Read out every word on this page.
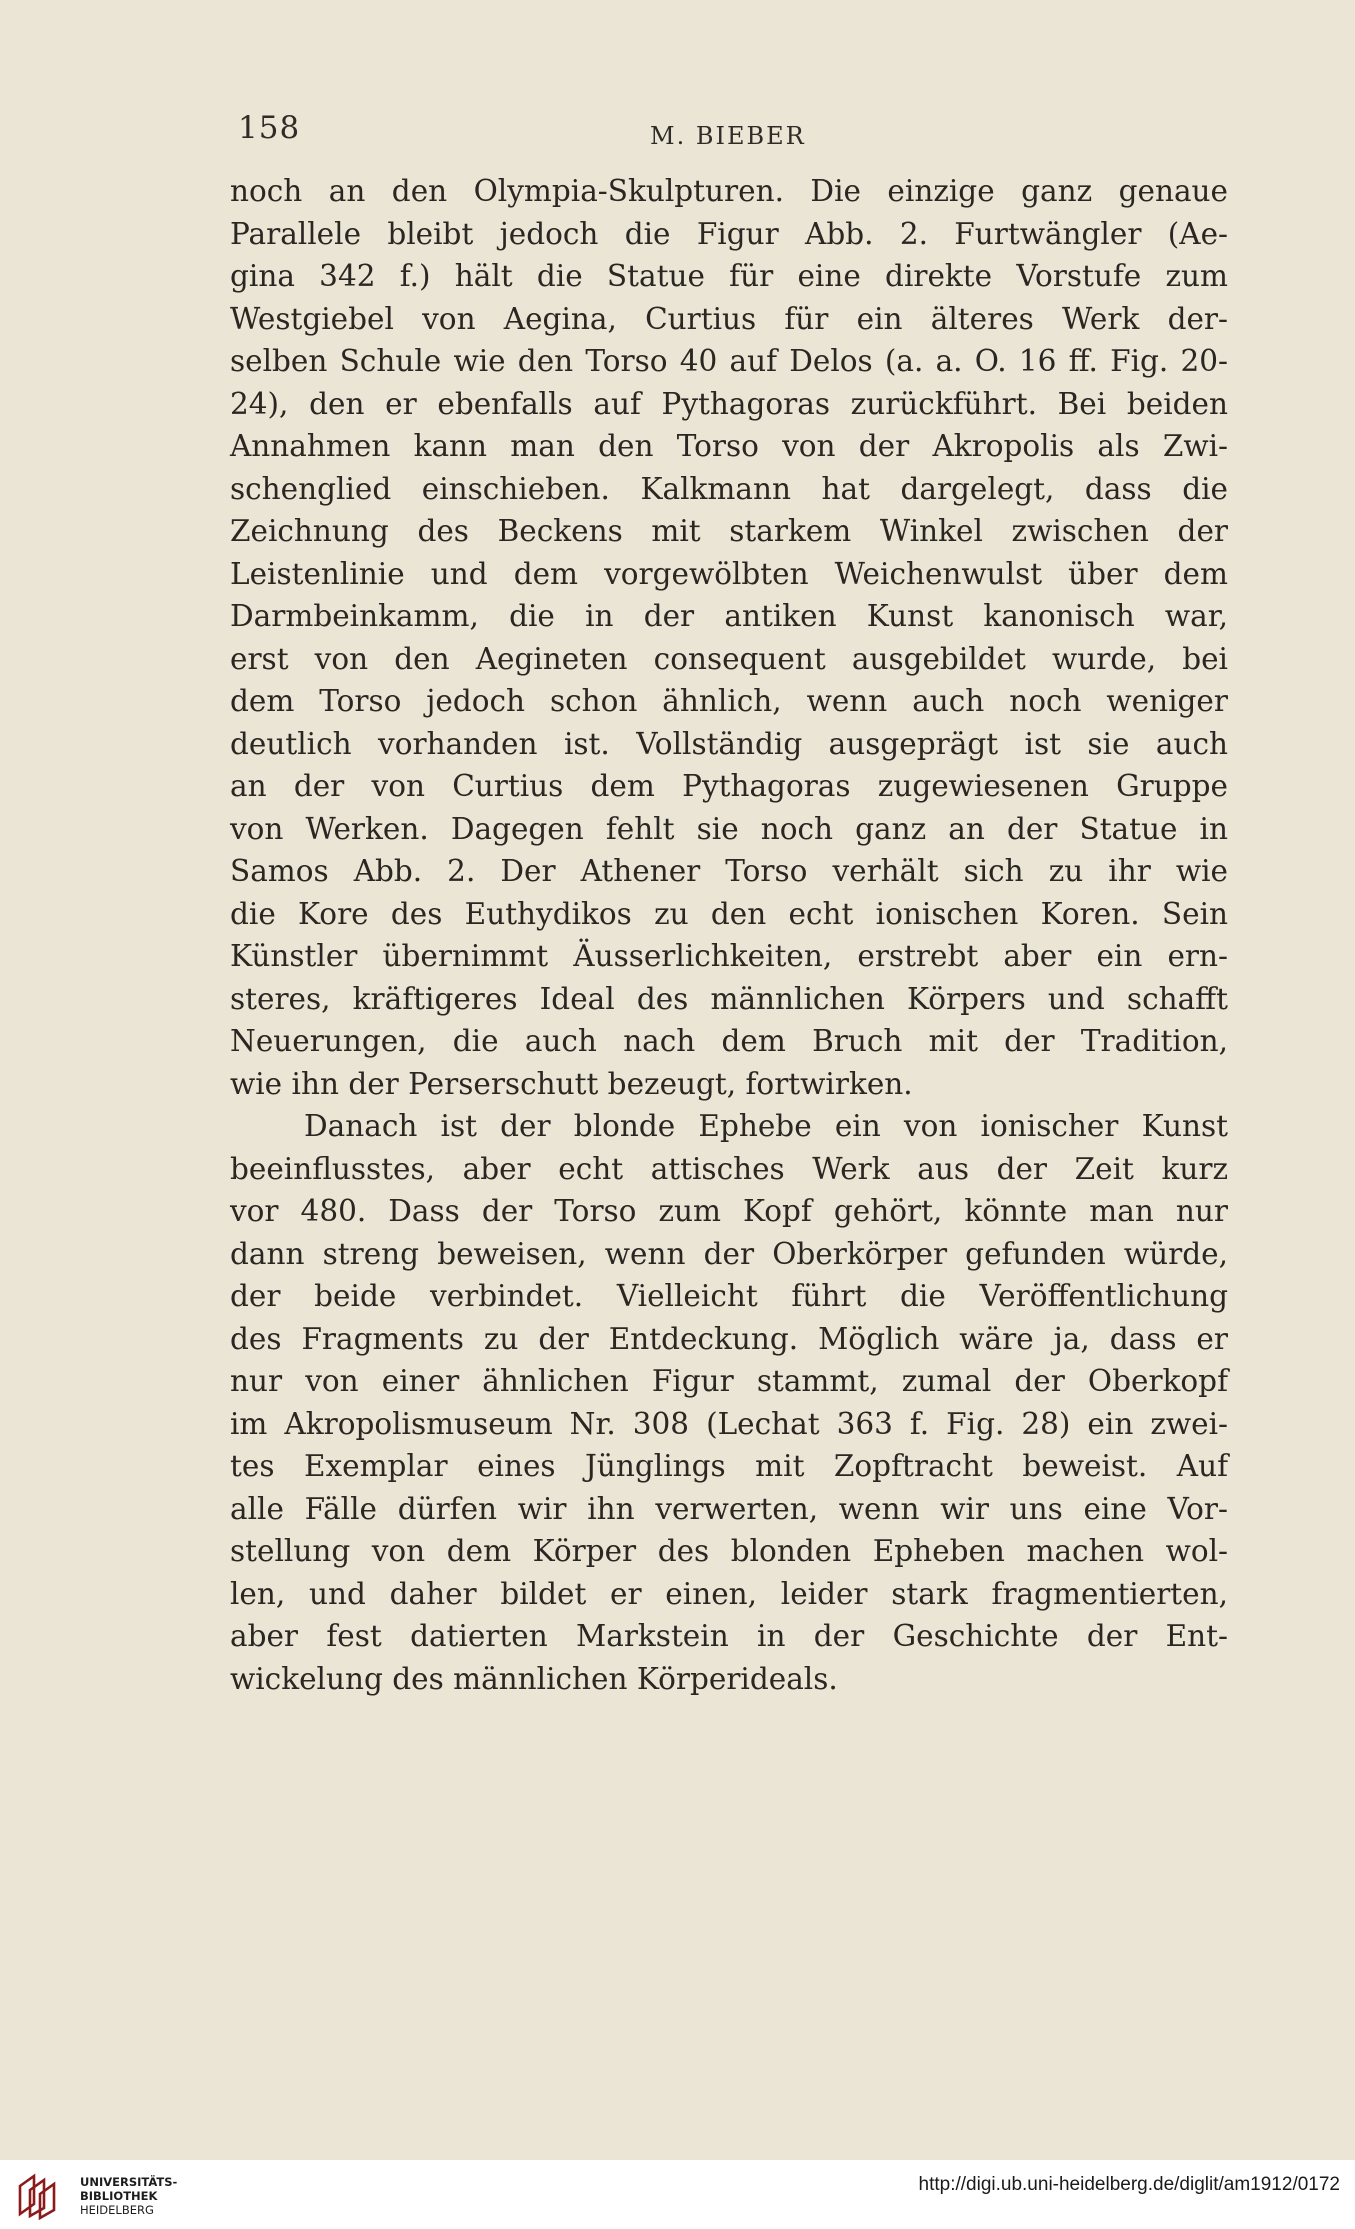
158	M. BIEBER
noch an den Olympia-Skulpturen. Die einzige ganz genaue
Parallele bleibt jedoch die Figur Abb. 2. Furtwängler (Ae-
gina 342 f.) hält die Statue für eine direkte Vorstufe zum
Westgiebel von Aegina, Curtius für ein älteres Werk der-
selben Schule wie den Torso 40 auf Delos (a. a. O. 16 ff. Fig. 20-
24), den er ebenfalls auf Pythagoras zurückführt. Bei beiden
Annahmen kann man den Torso von der Akropolis als Zwi-
schenglied einschieben. Kalkmann hat dargelegt, dass die
Zeichnung des Beckens mit starkem Winkel zwischen der
Leistenlinie und dem vorgewölbten Weichenwulst über dem
Darmbeinkamm, die in der antiken Kunst kanonisch war,
erst von den Aegineten consequent ausgebildet wurde, bei
dem Torso jedoch schon ähnlich, wenn auch noch weniger
deutlich vorhanden ist. Vollständig ausgeprägt ist sie auch
an der von Curtius dem Pythagoras zugewiesenen Gruppe
von Werken. Dagegen fehlt sie noch ganz an der Statue in
Samos Abb. 2. Der Athener Torso verhält sich zu ihr wie
die Kore des Euthydikos zu den echt ionischen Koren. Sein
Künstler übernimmt Äusserlichkeiten, erstrebt aber ein ern-
steres, kräftigeres Ideal des männlichen Körpers und schafft
Neuerungen, die auch nach dem Bruch mit der Tradition,
wie ihn der Perserschutt bezeugt, fortwirken.
Danach ist der blonde Ephebe ein von ionischer Kunst
beeinflusstes, aber echt attisches Werk aus der Zeit kurz
vor 480. Dass der Torso zum Kopf gehört, könnte man nur
dann streng beweisen, wenn der Oberkörper gefunden würde,
der beide verbindet. Vielleicht führt die Veröffentlichung
des Fragments zu der Entdeckung. Möglich wäre ja, dass er
nur von einer ähnlichen Figur stammt, zumal der Oberkopf
im Akropolismuseum Nr. 308 (Lechat 363 f. Fig. 28) ein zwei-
tes Exemplar eines Jünglings mit Zopftracht beweist. Auf
alle Fälle dürfen wir ihn verwerten, wenn wir uns eine Vor-
stellung von dem Körper des blonden Epheben machen wol-
len, und daher bildet er einen, leider stark fragmentierten,
aber fest datierten Markstein in der Geschichte der Ent-
wickelung des männlichen Körperideals.
UNIVERSITÄTS-
BIBLIOTHEK
HEIDELBERG
http://digi.ub.uni-heidelberg.de/diglit/am1912/0172
